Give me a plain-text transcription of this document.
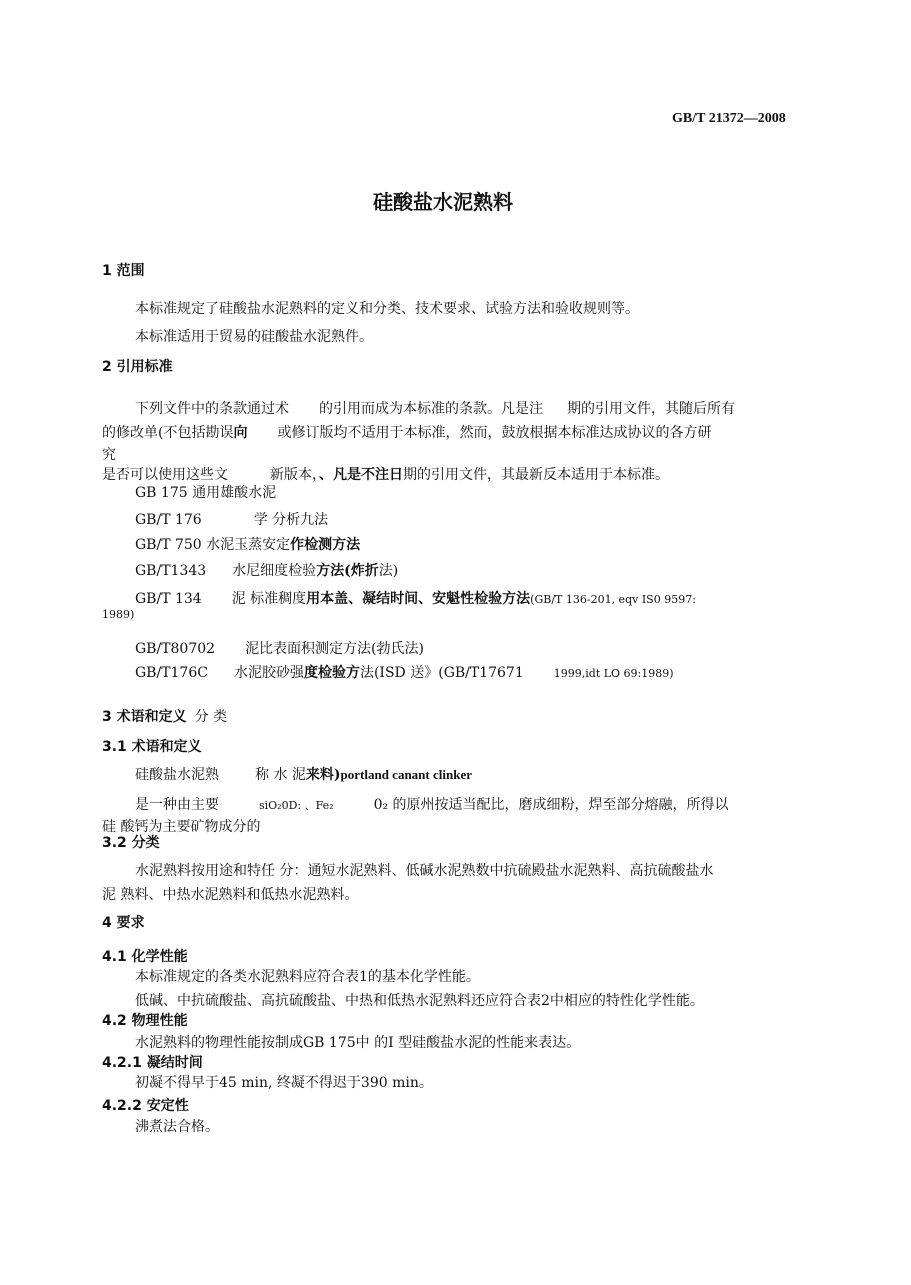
GB/T 21372—2008
硅酸盐水泥熟料
1 范围
本标准规定了硅酸盐水泥熟料的定义和分类、技术要求、试验方法和验收规则等。
本标准适用于贸易的硅酸盐水泥熟件。
2 引用标准
下列文件中的条款通过术 的引用而成为本标准的条款。凡是注 期的引用文件，其随后所有
的修改单(不包括勘误向 或修订版均不适用于本标准，然而，鼓放根据本标准达成协议的各方研
究
是否可以使用这些文	新版本，、凡是不注日期的引用文件，其最新反本适用于本标准。
GB 175 通用雄酸水泥
GB/T 176	学 分析九法
GB/T 750 水泥玉蒸安定作检测方法
GB/T1343 水尼细度检验方法(炸折法)
GB/T 134 泥 标准稠度用本盖、凝结时间、安魁性检验方法(GB/T 136-201, eqv IS0 9597:
1989)
GB/T80702 泥比表面积测定方法(勃氏法)
GB/T176C 水泥胶砂强度检验方法(ISD 送》(GB/T17671	1999,idt LO 69:1989)
3 术语和定义 分 类
3.1 术语和定义
硅酸盐水泥熟	称 水 泥来料)portland canant clinker
是一种由主要	siO₂0D: 、Fe₂	0₂ 的原州按适当配比，磨成细粉，焊至部分熔融，所得以
硅 酸钙为主要矿物成分的
3.2 分类
水泥熟料按用途和特任 分：通短水泥熟料、低碱水泥熟数中抗硫殿盐水泥熟料、高抗硫酸盐水
泥 熟料、中热水泥熟料和低热水泥熟料。
4 要求
4.1 化学性能
本标准规定的各类水泥熟料应符合表1的基本化学性能。
低碱、中抗硫酸盐、高抗硫酸盐、中热和低热水泥熟料还应符合表2中相应的特性化学性能。
4.2 物理性能
水泥熟料的物理性能按制成GB 175中 的I 型硅酸盐水泥的性能来表达。
4.2.1 凝结时间
初凝不得早于45 min, 终凝不得迟于390 min。
4.2.2 安定性
沸煮法合格。
